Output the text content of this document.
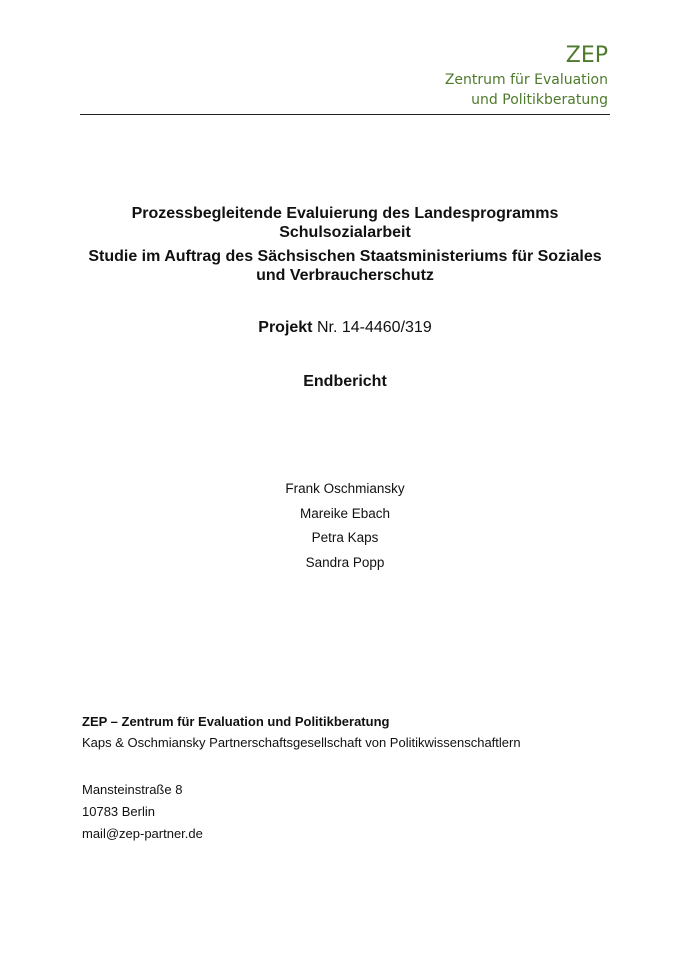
ZEP
Zentrum für Evaluation
und Politikberatung
Prozessbegleitende Evaluierung des Landesprogramms
Schulsozialarbeit
Studie im Auftrag des Sächsischen Staatsministeriums für Soziales
und Verbraucherschutz
Projekt Nr. 14-4460/319
Endbericht
Frank Oschmiansky
Mareike Ebach
Petra Kaps
Sandra Popp
ZEP – Zentrum für Evaluation und Politikberatung
Kaps & Oschmiansky Partnerschaftsgesellschaft von Politikwissenschaftlern
Mansteinstraße 8
10783 Berlin
mail@zep-partner.de
